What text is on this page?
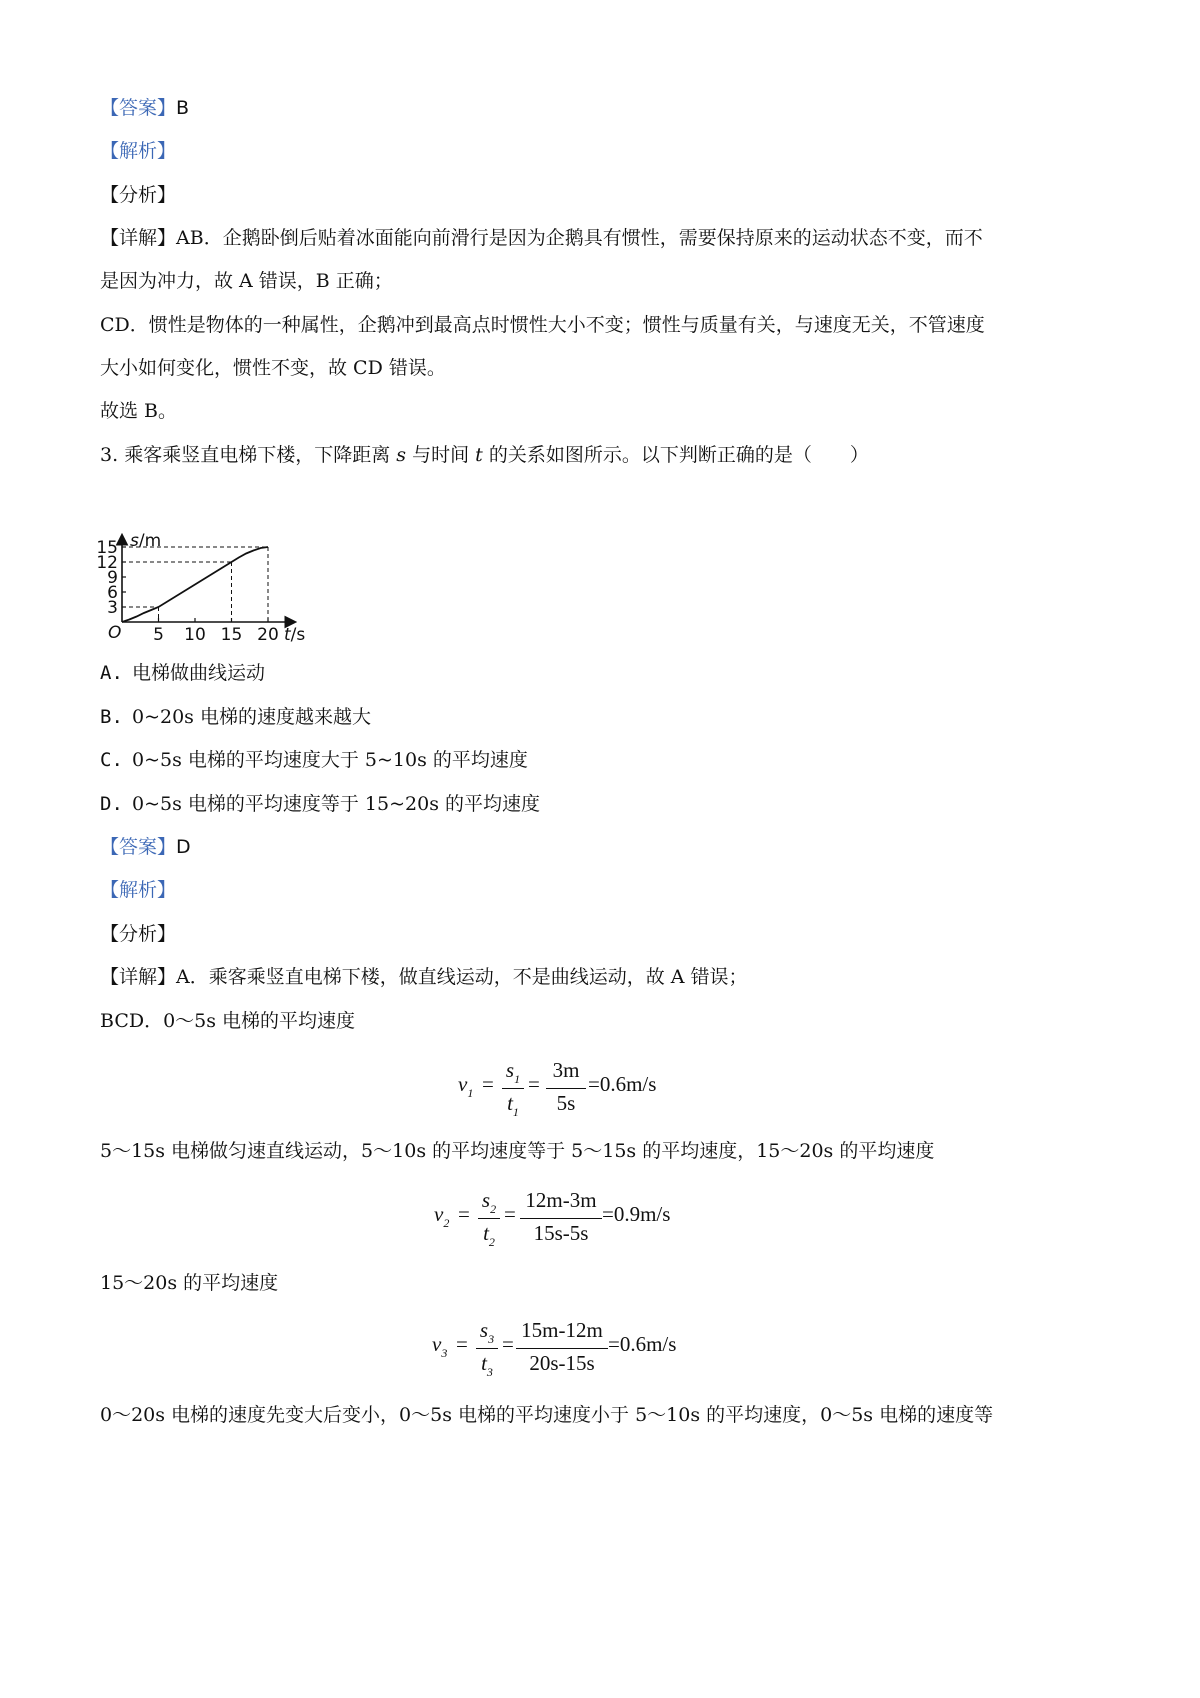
【答案】B
【解析】
【分析】
【详解】AB．企鹅卧倒后贴着冰面能向前滑行是因为企鹅具有惯性，需要保持原来的运动状态不变，而不
是因为冲力，故 A 错误，B 正确；
CD．惯性是物体的一种属性，企鹅冲到最高点时惯性大小不变；惯性与质量有关，与速度无关，不管速度
大小如何变化，惯性不变，故 CD 错误。
故选 B。
3. 乘客乘竖直电梯下楼，下降距离 s 与时间 t 的关系如图所示。以下判断正确的是（　　）
3
6
9
12
15
5 10 15 20
s/m
t/s
O
A. 电梯做曲线运动
B. 0~20s 电梯的速度越来越大
C. 0~5s 电梯的平均速度大于 5~10s 的平均速度
D. 0~5s 电梯的平均速度等于 15~20s 的平均速度
【答案】D
【解析】
【分析】
【详解】A．乘客乘竖直电梯下楼，做直线运动，不是曲线运动，故 A 错误；
BCD．0～5s 电梯的平均速度
$v_1$ =
$s_1$
$t_1$
=
3m
5s
=0.6m/s
5～15s 电梯做匀速直线运动，5～10s 的平均速度等于 5～15s 的平均速度，15～20s 的平均速度
$v_2$ =
$s_2$
$t_2$
=
12m-3m
15s-5s
=0.9m/s
15～20s 的平均速度
$v_3$ =
$s_3$
$t_3$
=
15m-12m
20s-15s
=0.6m/s
0～20s 电梯的速度先变大后变小，0～5s 电梯的平均速度小于 5～10s 的平均速度，0～5s 电梯的速度等
